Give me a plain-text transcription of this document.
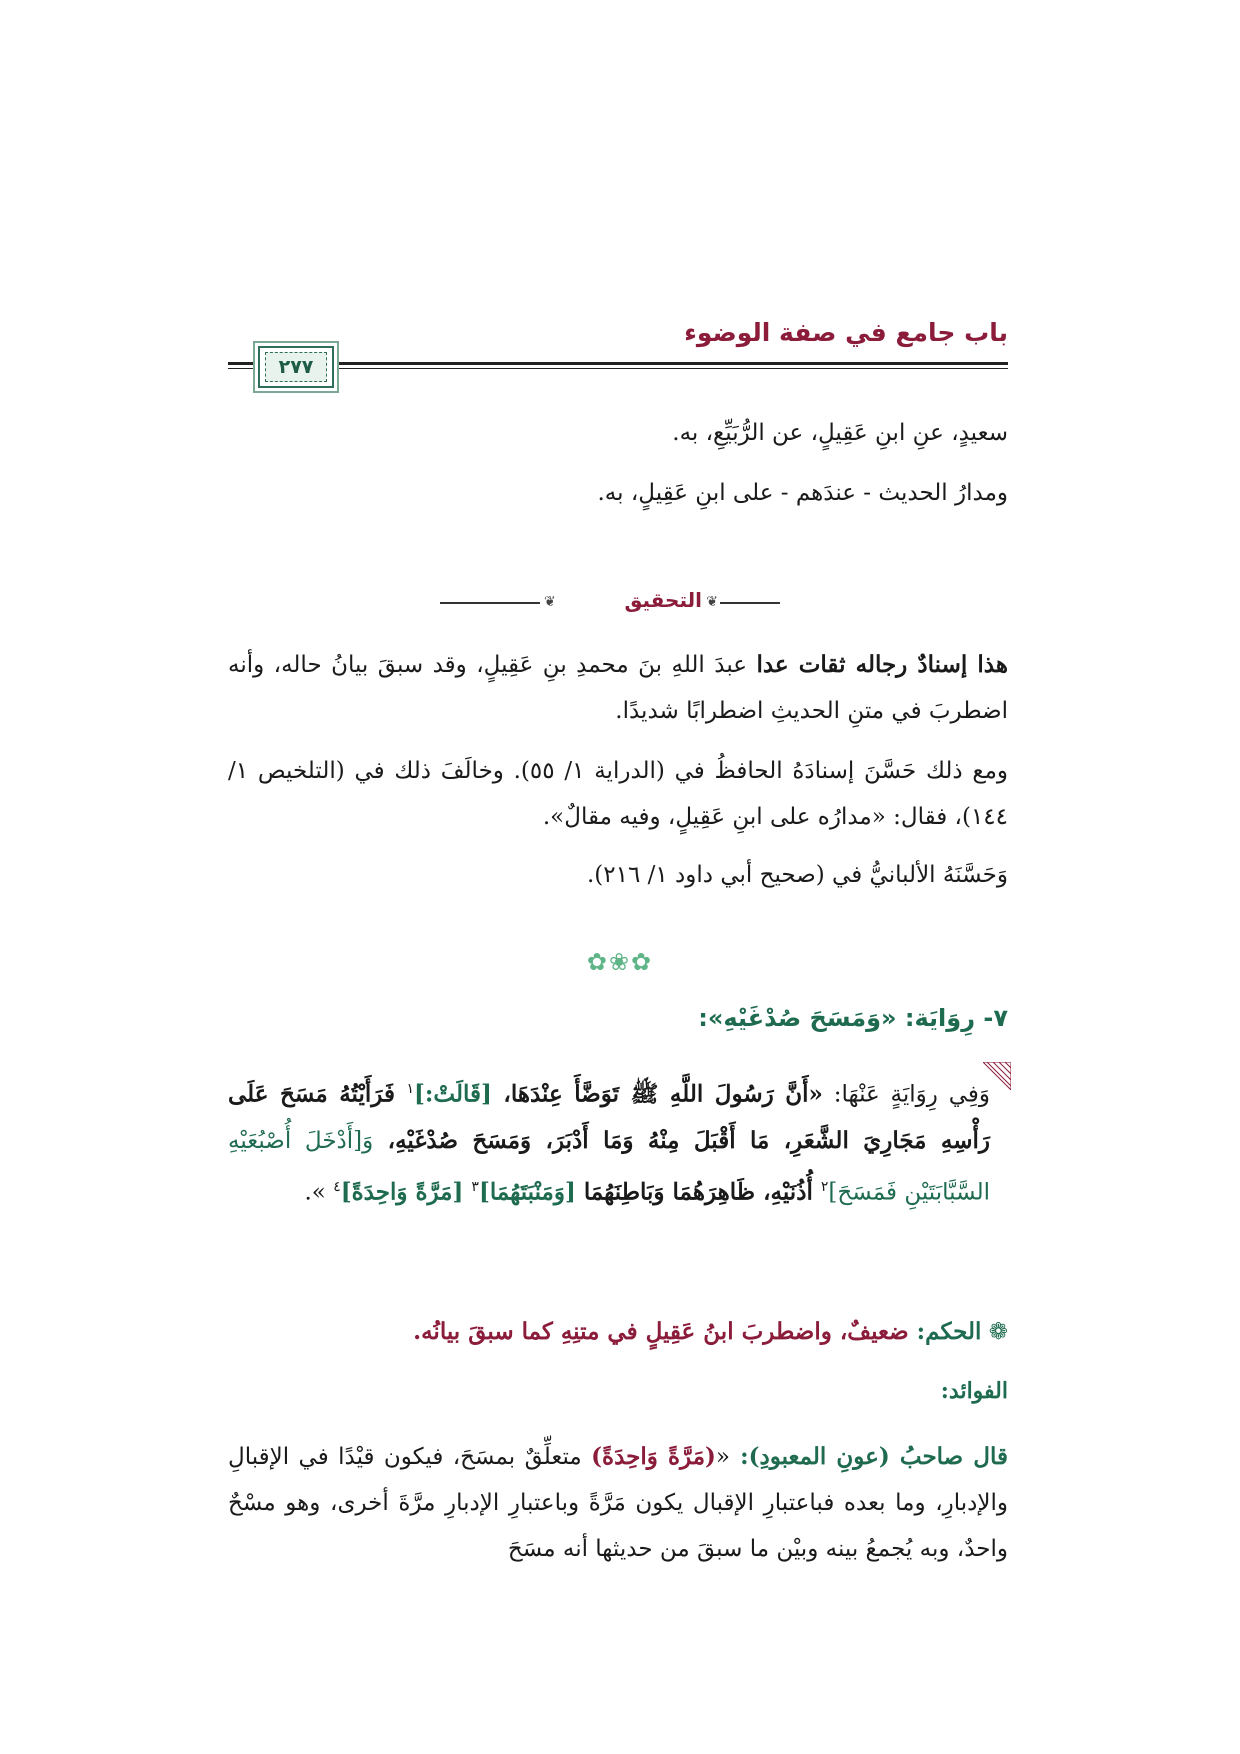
باب جامع في صفة الوضوء
٢٧٧
سعيدٍ، عنِ ابنِ عَقِيلٍ، عن الرُّبَيِّعِ، به.
ومدارُ الحديث - عندَهم - على ابنِ عَقِيلٍ، به.
❦	التحقيق ❦
هذا إسنادٌ رجاله ثقات عدا عبدَ اللهِ بنَ محمدِ بنِ عَقِيلٍ، وقد سبقَ بيانُ حاله، وأنه اضطربَ في متنِ الحديثِ اضطرابًا شديدًا.
ومع ذلك حَسَّنَ إسنادَهُ الحافظُ في (الدراية ١/ ٥٥). وخالَفَ ذلك في (التلخيص ١/ ١٤٤)، فقال: «مدارُه على ابنِ عَقِيلٍ، وفيه مقالٌ».
وَحَسَّنَهُ الألبانيُّ في (صحيح أبي داود ١/ ٢١٦).
✿❀✿
٧- رِوَايَة: «وَمَسَحَ صُدْغَيْهِ»:
وَفِي رِوَايَةٍ عَنْهَا: «أَنَّ رَسُولَ اللَّهِ ﷺ تَوَضَّأَ عِنْدَهَا، [قَالَتْ:]$^١$ فَرَأَيْتُهُ مَسَحَ عَلَى رَأْسِهِ مَجَارِيَ الشَّعَرِ، مَا أَقْبَلَ مِنْهُ وَمَا أَدْبَرَ، وَمَسَحَ صُدْغَيْهِ، وَ[أَدْخَلَ أُصْبُعَيْهِ السَّبَّابَتَيْنِ فَمَسَحَ]$^٢$ أُذُنَيْهِ، ظَاهِرَهُمَا وَبَاطِنَهُمَا [وَمَنْبَتَهُمَا]$^٣$ [مَرَّةً وَاحِدَةً]$^٤$ ».
❁ الحكم: ضعيفٌ، واضطربَ ابنُ عَقِيلٍ في متنِهِ كما سبقَ بيانُه.
الفوائد:
قال صاحبُ (عونِ المعبودِ): «(مَرَّةً وَاحِدَةً) متعلِّقٌ بمسَحَ، فيكون قيْدًا في الإقبالِ والإدبارِ، وما بعده فباعتبارِ الإقبال يكون مَرَّةً وباعتبارِ الإدبارِ مرَّةَ أخرى، وهو مسْحٌ واحدٌ، وبه يُجمعُ بينه وبيْن ما سبقَ من حديثها أنه مسَحَ
